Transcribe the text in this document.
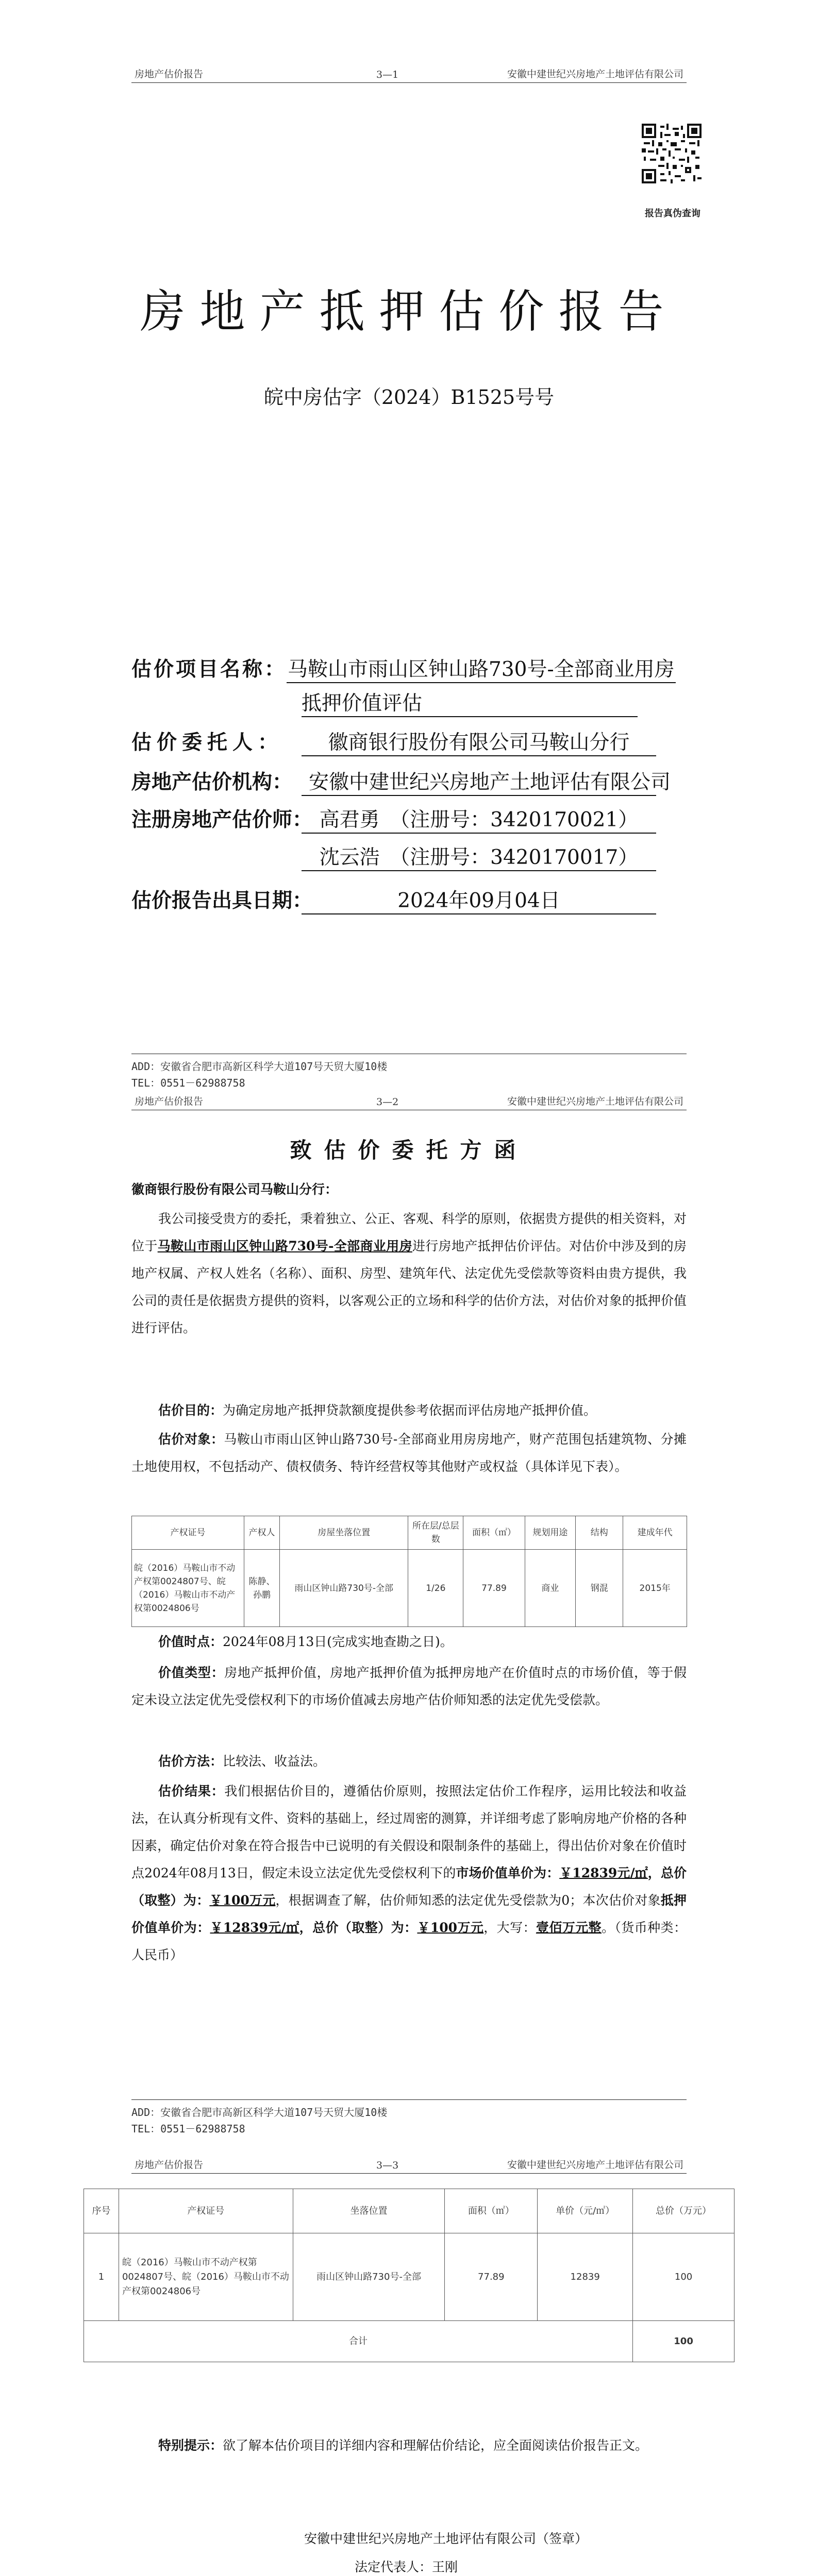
房地产估价报告	3—1	安徽中建世纪兴房地产土地评估有限公司
报告真伪查询
房地产抵押估价报告
皖中房估字（2024）B1525号号
估价项目名称：马鞍山市雨山区钟山路730号-全部商业用房
抵押价值评估
估价委托人： 徽商银行股份有限公司马鞍山分行
房地产估价机构： 安徽中建世纪兴房地产土地评估有限公司
注册房地产估价师： 高君勇　（注册号：3420170021）
沈云浩　（注册号：3420170017）
估价报告出具日期：	2024年09月04日
ADD：安徽省合肥市高新区科学大道107号天贸大厦10楼
TEL：0551－62988758
房地产估价报告	3—2	安徽中建世纪兴房地产土地评估有限公司
致估价委托方函
徽商银行股份有限公司马鞍山分行：
我公司接受贵方的委托，秉着独立、公正、客观、科学的原则，依据贵方提供的相关资料，对位于马鞍山市雨山区钟山路730号-全部商业用房进行房地产抵押估价评估。对估价中涉及到的房地产权属、产权人姓名（名称）、面积、房型、建筑年代、法定优先受偿款等资料由贵方提供，我公司的责任是依据贵方提供的资料，以客观公正的立场和科学的估价方法，对估价对象的抵押价值进行评估。
估价目的：为确定房地产抵押贷款额度提供参考依据而评估房地产抵押价值。
估价对象：马鞍山市雨山区钟山路730号-全部商业用房房地产，财产范围包括建筑物、分摊土地使用权，不包括动产、债权债务、特许经营权等其他财产或权益（具体详见下表）。
产权证号	产权人	房屋坐落位置	所在层/总层数	面积（㎡）	规划用途	结构	建成年代
皖（2016）马鞍山市不动产权第0024807号、皖（2016）马鞍山市不动产权第0024806号	陈静、孙鹏	雨山区钟山路730号-全部	1/26	77.89	商业	钢混	2015年
价值时点：2024年08月13日(完成实地查勘之日)。
价值类型：房地产抵押价值，房地产抵押价值为抵押房地产在价值时点的市场价值，等于假定未设立法定优先受偿权利下的市场价值减去房地产估价师知悉的法定优先受偿款。
估价方法：比较法、收益法。
估价结果：我们根据估价目的，遵循估价原则，按照法定估价工作程序，运用比较法和收益法，在认真分析现有文件、资料的基础上，经过周密的测算，并详细考虑了影响房地产价格的各种因素，确定估价对象在符合报告中已说明的有关假设和限制条件的基础上，得出估价对象在价值时点2024年08月13日，假定未设立法定优先受偿权利下的市场价值单价为：￥12839元/㎡，总价（取整）为：￥100万元，根据调查了解，估价师知悉的法定优先受偿款为0；本次估价对象抵押价值单价为：￥12839元/㎡，总价（取整）为：￥100万元，大写：壹佰万元整。（货币种类：人民币）
ADD：安徽省合肥市高新区科学大道107号天贸大厦10楼
TEL：0551－62988758
房地产估价报告	3—3	安徽中建世纪兴房地产土地评估有限公司
序号	产权证号	坐落位置	面积（㎡）	单价（元/㎡）	总价（万元）
1	皖（2016）马鞍山市不动产权第0024807号、皖（2016）马鞍山市不动产权第0024806号	雨山区钟山路730号-全部	77.89	12839	100
合计					100
特别提示：欲了解本估价项目的详细内容和理解估价结论，应全面阅读估价报告正文。
安徽中建世纪兴房地产土地评估有限公司（签章）
法定代表人：王刚
